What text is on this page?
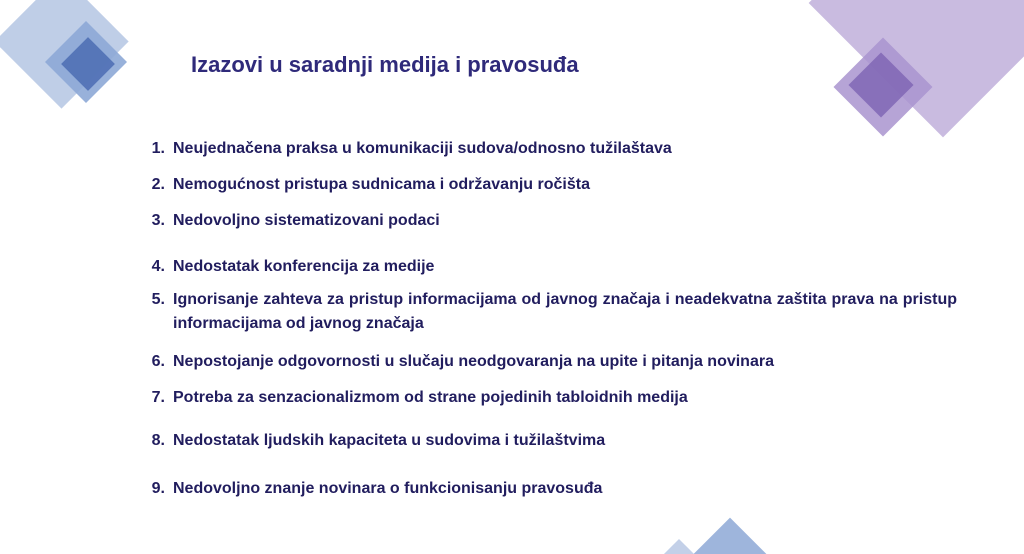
Izazovi u saradnji medija i pravosuđa
1. Neujednačena praksa u komunikaciji sudova/odnosno tužilaštava
2. Nemogućnost pristupa sudnicama i održavanju ročišta
3. Nedovoljno sistematizovani podaci
4. Nedostatak konferencija za medije
5. Ignorisanje zahteva za pristup informacijama od javnog značaja i neadekvatna zaštita prava na pristup informacijama od javnog značaja
6. Nepostojanje odgovornosti u slučaju neodgovaranja na upite i pitanja novinara
7. Potreba za senzacionalizmom od strane pojedinih tabloidnih medija
8. Nedostatak ljudskih kapaciteta u sudovima i tužilaštvima
9. Nedovoljno znanje novinara o funkcionisanju pravosuđa
